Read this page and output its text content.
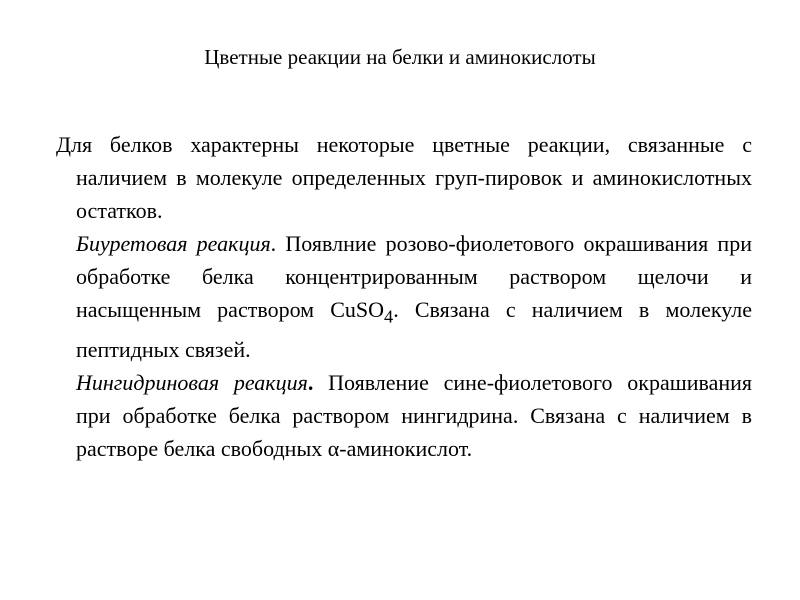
Цветные реакции на белки и аминокислоты

Для белков характерны некоторые цветные реакции, связанные с наличием в молекуле определенных груп-пировок и аминокислотных остатков.

Биуретовая реакция. Появлние розово-фиолетового окрашивания при обработке белка концентрированным раствором щелочи и насыщенным раствором CuSO$_4$. Связана с наличием в молекуле пептидных связей.

Нингидриновая реакция. Появление сине-фиолетового окрашивания при обработке белка раствором нингидрина. Связана с наличием в растворе белка свободных α-аминокислот.
